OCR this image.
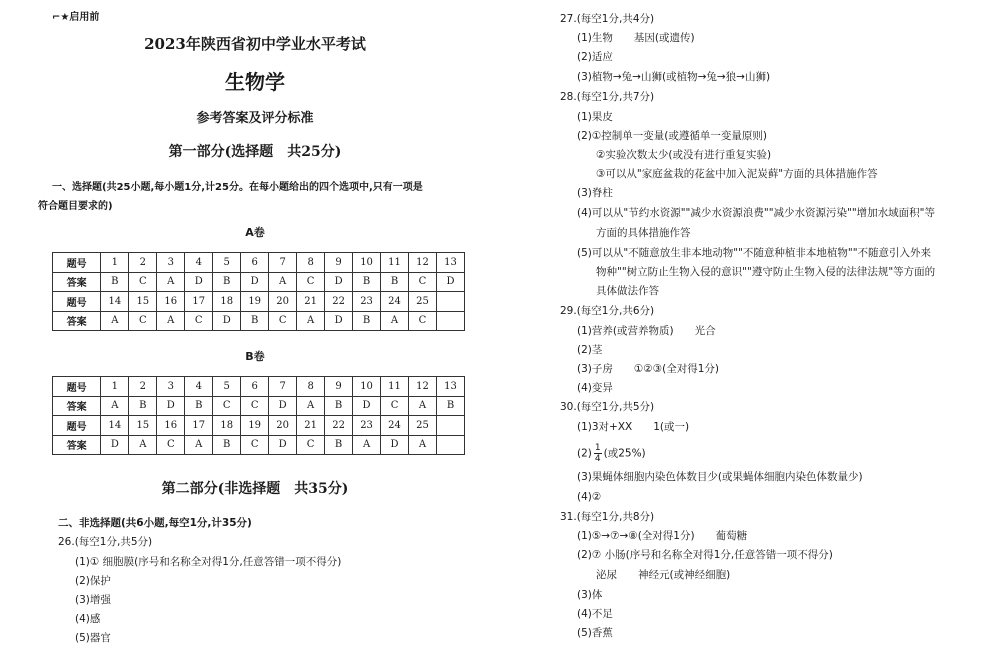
⌐★启用前
2023年陕西省初中学业水平考试
生物学
参考答案及评分标准
第一部分(选择题　共25分)
一、选择题(共25小题,每小题1分,计25分。在每小题给出的四个选项中,只有一项是
符合题目要求的)
A卷
题号	1	2	3	4	5	6	7	8	9	10	11	12	13
答案	B	C	A	D	B	D	A	C	D	B	B	C	D
题号	14	15	16	17	18	19	20	21	22	23	24	25	
答案	A	C	A	C	D	B	C	A	D	B	A	C	
B卷
题号	1	2	3	4	5	6	7	8	9	10	11	12	13
答案	A	B	D	B	C	C	D	A	B	D	C	A	B
题号	14	15	16	17	18	19	20	21	22	23	24	25	
答案	D	A	C	A	B	C	D	C	B	A	D	A	
第二部分(非选择题　共35分)
二、非选择题(共6小题,每空1分,计35分)
26.(每空1分,共5分)
(1)① 细胞膜(序号和名称全对得1分,任意答错一项不得分)
(2)保护
(3)增强
(4)感
(5)器官
27.(每空1分,共4分)
(1)生物　　基因(或遗传)
(2)适应
(3)植物→兔→山狮(或植物→兔→狼→山狮)
28.(每空1分,共7分)
(1)果皮
(2)①控制单一变量(或遵循单一变量原则)
②实验次数太少(或没有进行重复实验)
③可以从"家庭盆栽的花盆中加入泥炭藓"方面的具体措施作答
(3)脊柱
(4)可以从"节约水资源""减少水资源浪费""减少水资源污染""增加水域面积"等
方面的具体措施作答
(5)可以从"不随意放生非本地动物""不随意种植非本地植物""不随意引入外来
物种""树立防止生物入侵的意识""遵守防止生物入侵的法律法规"等方面的
具体做法作答
29.(每空1分,共6分)
(1)营养(或营养物质)　　光合
(2)茎
(3)子房　　①②③(全对得1分)
(4)变异
30.(每空1分,共5分)
(1)3对+XX　　1(或一)
$(2) \frac{1}{4}$ (或25%)
(3)果蝇体细胞内染色体数目少(或果蝇体细胞内染色体数量少)
(4)②
31.(每空1分,共8分)
(1)⑤→⑦→⑧(全对得1分)　　葡萄糖
(2)⑦ 小肠(序号和名称全对得1分,任意答错一项不得分)
泌尿　　神经元(或神经细胞)
(3)体
(4)不足
(5)香蕉
